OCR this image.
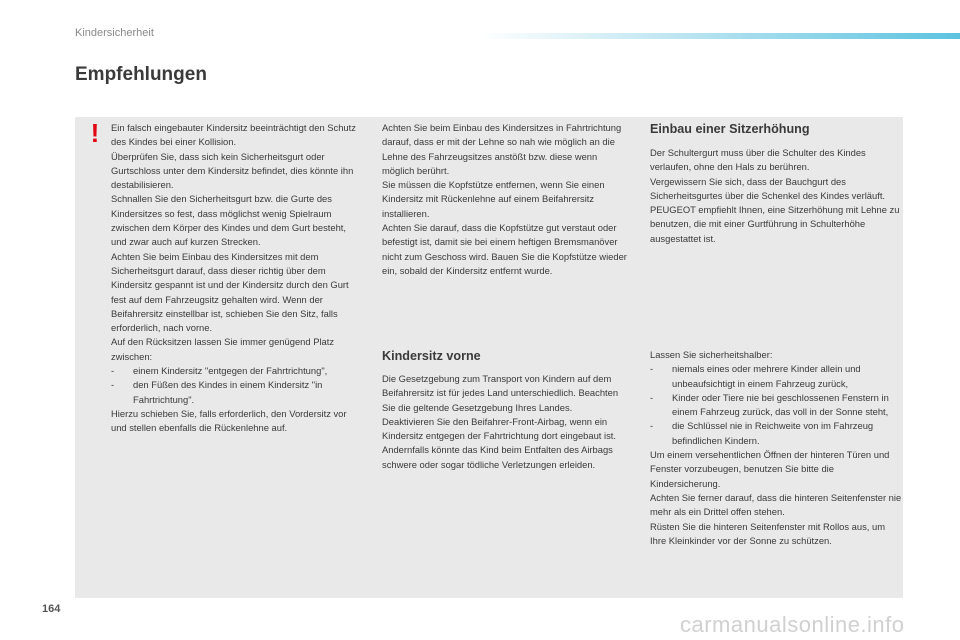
Kindersicherheit
Empfehlungen
!	Ein falsch eingebauter Kindersitz beeinträchtigt den Schutz des Kindes bei einer Kollision.

Überprüfen Sie, dass sich kein Sicherheitsgurt oder Gurtschloss unter dem Kindersitz befindet, dies könnte ihn destabilisieren.

Schnallen Sie den Sicherheitsgurt bzw. die Gurte des Kindersitzes so fest, dass möglichst wenig Spielraum zwischen dem Körper des Kindes und dem Gurt besteht, und zwar auch auf kurzen Strecken.

Achten Sie beim Einbau des Kindersitzes mit dem Sicherheitsgurt darauf, dass dieser richtig über dem Kindersitz gespannt ist und der Kindersitz durch den Gurt fest auf dem Fahrzeugsitz gehalten wird. Wenn der Beifahrersitz einstellbar ist, schieben Sie den Sitz, falls erforderlich, nach vorne.

Auf den Rücksitzen lassen Sie immer genügend Platz zwischen:

- einem Kindersitz "entgegen der Fahrtrichtung",
- den Füßen des Kindes in einem Kindersitz "in Fahrtrichtung".

Hierzu schieben Sie, falls erforderlich, den Vordersitz vor und stellen ebenfalls die Rückenlehne auf.

Achten Sie beim Einbau des Kindersitzes in Fahrtrichtung darauf, dass er mit der Lehne so nah wie möglich an die Lehne des Fahrzeugsitzes anstößt bzw. diese wenn möglich berührt.

Sie müssen die Kopfstütze entfernen, wenn Sie einen Kindersitz mit Rückenlehne auf einem Beifahrersitz installieren.

Achten Sie darauf, dass die Kopfstütze gut verstaut oder befestigt ist, damit sie bei einem heftigen Bremsmanöver nicht zum Geschoss wird. Bauen Sie die Kopfstütze wieder ein, sobald der Kindersitz entfernt wurde.

Kindersitz vorne

Die Gesetzgebung zum Transport von Kindern auf dem Beifahrersitz ist für jedes Land unterschiedlich. Beachten Sie die geltende Gesetzgebung Ihres Landes.

Deaktivieren Sie den Beifahrer-Front-Airbag, wenn ein Kindersitz entgegen der Fahrtrichtung dort eingebaut ist.

Andernfalls könnte das Kind beim Entfalten des Airbags schwere oder sogar tödliche Verletzungen erleiden.

Einbau einer Sitzerhöhung

Der Schultergurt muss über die Schulter des Kindes verlaufen, ohne den Hals zu berühren.

Vergewissern Sie sich, dass der Bauchgurt des Sicherheitsgurtes über die Schenkel des Kindes verläuft.

PEUGEOT empfiehlt Ihnen, eine Sitzerhöhung mit Lehne zu benutzen, die mit einer Gurtführung in Schulterhöhe ausgestattet ist.

Lassen Sie sicherheitshalber:

- niemals eines oder mehrere Kinder allein und unbeaufsichtigt in einem Fahrzeug zurück,
- Kinder oder Tiere nie bei geschlossenen Fenstern in einem Fahrzeug zurück, das voll in der Sonne steht,
- die Schlüssel nie in Reichweite von im Fahrzeug befindlichen Kindern.

Um einem versehentlichen Öffnen der hinteren Türen und Fenster vorzubeugen, benutzen Sie bitte die Kindersicherung.

Achten Sie ferner darauf, dass die hinteren Seitenfenster nie mehr als ein Drittel offen stehen.

Rüsten Sie die hinteren Seitenfenster mit Rollos aus, um Ihre Kleinkinder vor der Sonne zu schützen.

164
carmanualsonline.info
